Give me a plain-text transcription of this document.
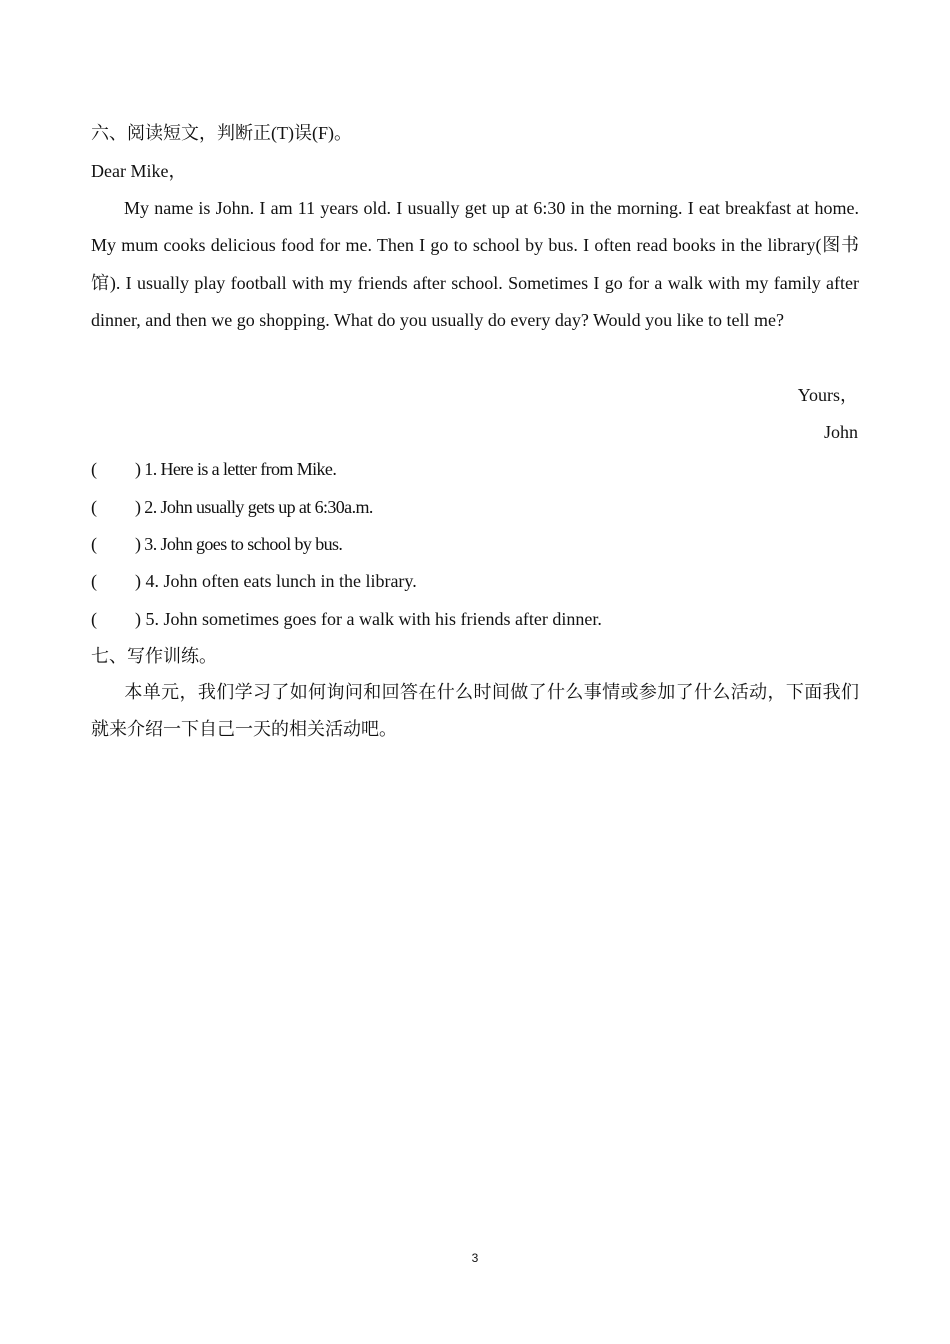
六、阅读短文，判断正(T)误(F)。
Dear Mike，
My name is John. I am 11 years old. I usually get up at 6:30 in the morning. I eat breakfast at home. My mum cooks delicious food for me. Then I go to school by bus. I often read books in the library(图书馆). I usually play football with my friends after school. Sometimes I go for a walk with my family after dinner, and then we go shopping. What do you usually do every day? Would you like to tell me?
Yours，
John
( ) 1. Here is a letter from Mike.
( ) 2. John usually gets up at 6:30a.m.
( ) 3. John goes to school by bus.
( ) 4. John often eats lunch in the library.
( ) 5. John sometimes goes for a walk with his friends after dinner.
七、写作训练。
本单元，我们学习了如何询问和回答在什么时间做了什么事情或参加了什么活动，下面我们就来介绍一下自己一天的相关活动吧。
3
